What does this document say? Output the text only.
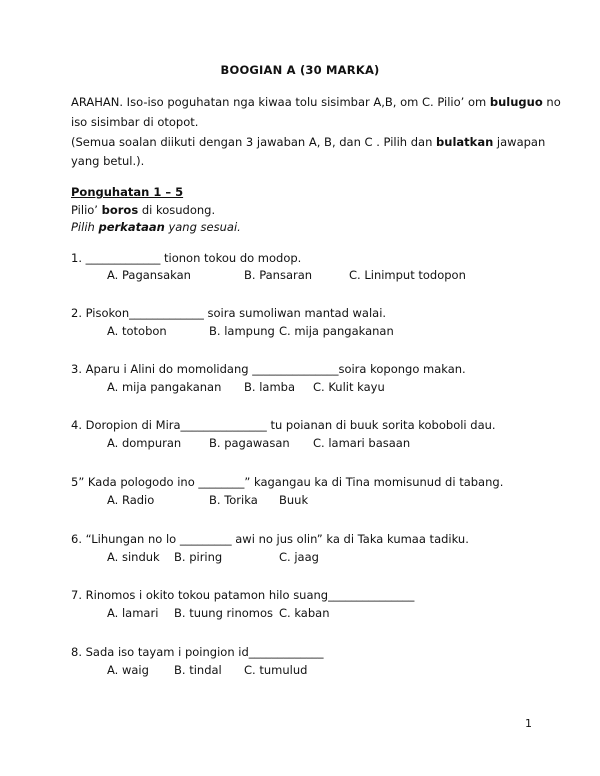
BOOGIAN A (30 MARKA)
ARAHAN. Iso-iso poguhatan nga kiwaa tolu sisimbar A,B, om C. Pilio’ om buluguo no
iso sisimbar di otopot.
(Semua soalan diikuti dengan 3 jawaban A, B, dan C . Pilih dan bulatkan jawapan
yang betul.).
Ponguhatan 1 – 5
Pilio’ boros di kosudong.
Pilih perkataan yang sesuai.
1. _____________ tionon tokou do modop.
A. Pagansakan	B. Pansaran	C. Linimput todopon
2. Pisokon_____________ soira sumoliwan mantad walai.
A. totobon	B. lampung C. mija pangakanan
3. Aparu i Alini do momolidang _______________soira kopongo makan.
A. mija pangakanan B. lamba C. Kulit kayu
4. Doropion di Mira_______________ tu poianan di buuk sorita koboboli dau.
A. dompuran B. pagawasan C. lamari basaan
5” Kada pologodo ino ________” kagangau ka di Tina momisunud di tabang.
A. Radio	B. Torika Buuk
6. “Lihungan no lo _________ awi no jus olin” ka di Taka kumaa tadiku.
A. sinduk B. piring	C. jaag
7. Rinomos i okito tokou patamon hilo suang_______________
A. lamari B. tuung rinomos C. kaban
8. Sada iso tayam i poingion id_____________
A. waig B. tindal C. tumulud
1
